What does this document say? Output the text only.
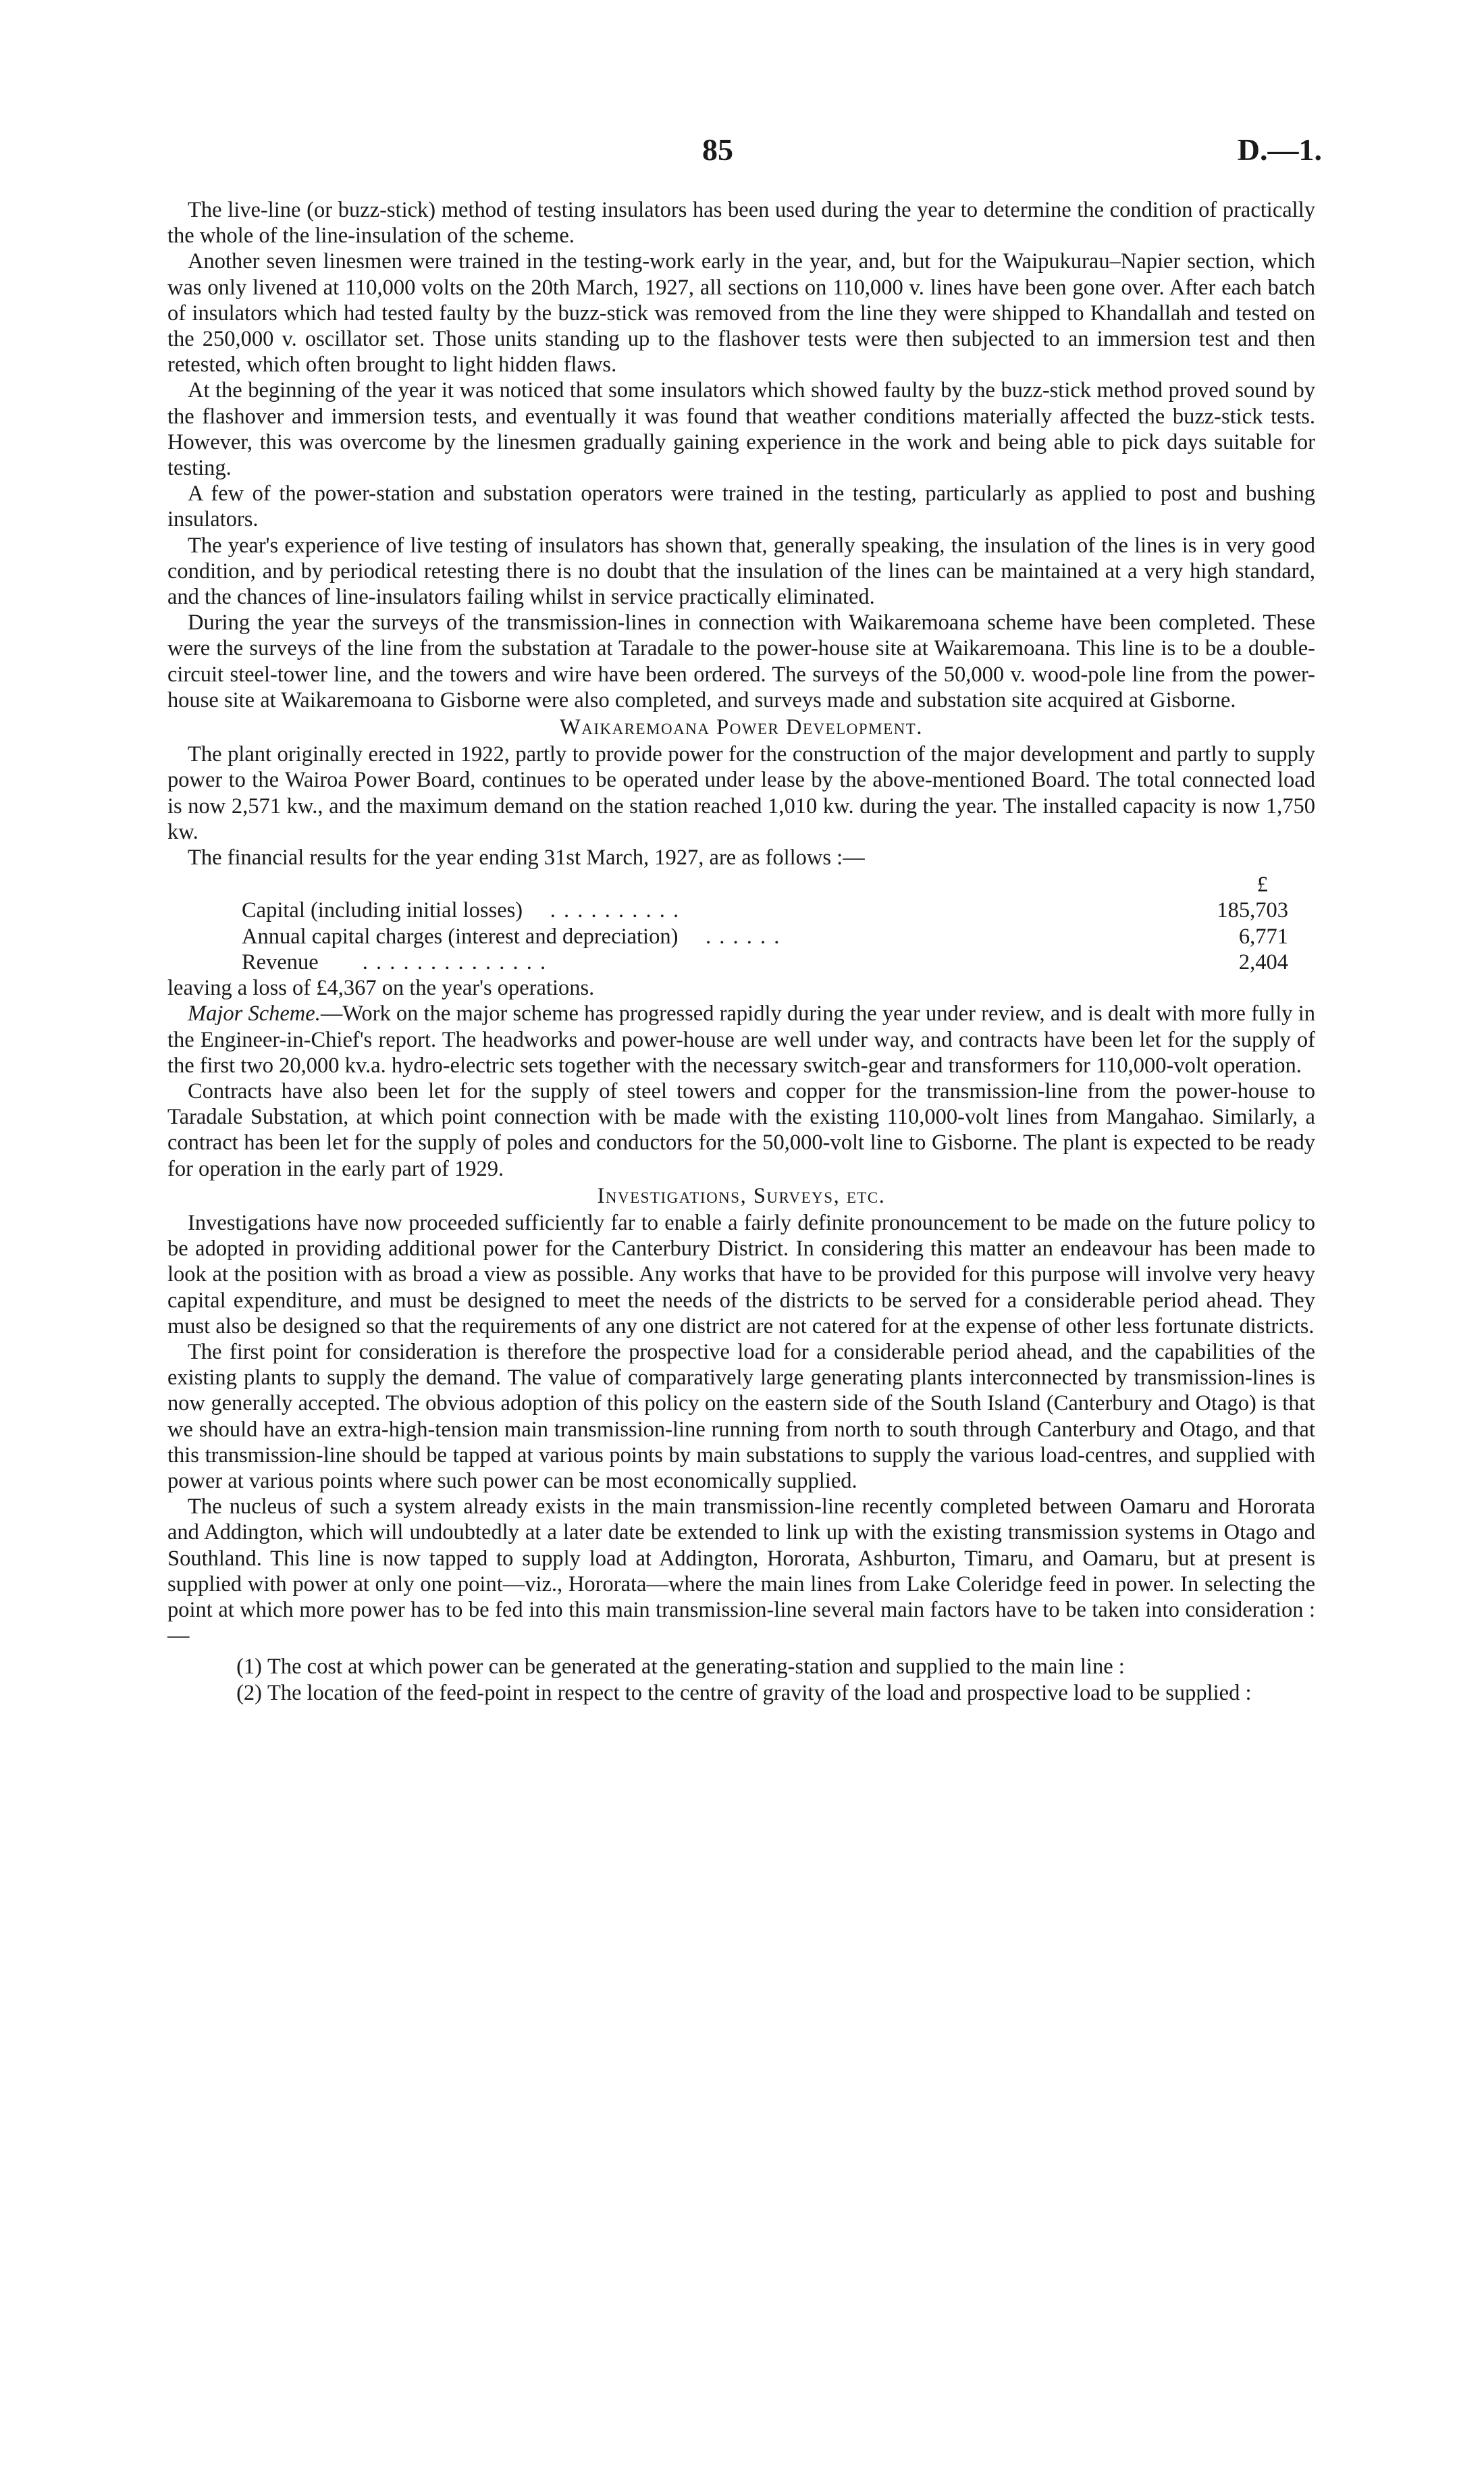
85	D.—1.

The live-line (or buzz-stick) method of testing insulators has been used during the year to determine the condition of practically the whole of the line-insulation of the scheme.

Another seven linesmen were trained in the testing-work early in the year, and, but for the Waipukurau–Napier section, which was only livened at 110,000 volts on the 20th March, 1927, all sections on 110,000 v. lines have been gone over. After each batch of insulators which had tested faulty by the buzz-stick was removed from the line they were shipped to Khandallah and tested on the 250,000 v. oscillator set. Those units standing up to the flashover tests were then subjected to an immersion test and then retested, which often brought to light hidden flaws.

At the beginning of the year it was noticed that some insulators which showed faulty by the buzz-stick method proved sound by the flashover and immersion tests, and eventually it was found that weather conditions materially affected the buzz-stick tests. However, this was overcome by the linesmen gradually gaining experience in the work and being able to pick days suitable for testing.

A few of the power-station and substation operators were trained in the testing, particularly as applied to post and bushing insulators.

The year's experience of live testing of insulators has shown that, generally speaking, the insulation of the lines is in very good condition, and by periodical retesting there is no doubt that the insulation of the lines can be maintained at a very high standard, and the chances of line-insulators failing whilst in service practically eliminated.

During the year the surveys of the transmission-lines in connection with Waikaremoana scheme have been completed. These were the surveys of the line from the substation at Taradale to the power-house site at Waikaremoana. This line is to be a double-circuit steel-tower line, and the towers and wire have been ordered. The surveys of the 50,000 v. wood-pole line from the power-house site at Waikaremoana to Gisborne were also completed, and surveys made and substation site acquired at Gisborne.

Waikaremoana Power Development.

The plant originally erected in 1922, partly to provide power for the construction of the major development and partly to supply power to the Wairoa Power Board, continues to be operated under lease by the above-mentioned Board. The total connected load is now 2,571 kw., and the maximum demand on the station reached 1,010 kw. during the year. The installed capacity is now 1,750 kw.

The financial results for the year ending 31st March, 1927, are as follows :—

	£
Capital (including initial losses) . . . . . . . . . .	185,703
Annual capital charges (interest and depreciation) . . . . . .	6,771
Revenue . . . . . . . . . . . . . .	2,404

leaving a loss of £4,367 on the year's operations.

Major Scheme.—Work on the major scheme has progressed rapidly during the year under review, and is dealt with more fully in the Engineer-in-Chief's report. The headworks and power-house are well under way, and contracts have been let for the supply of the first two 20,000 kv.a. hydro-electric sets together with the necessary switch-gear and transformers for 110,000-volt operation.

Contracts have also been let for the supply of steel towers and copper for the transmission-line from the power-house to Taradale Substation, at which point connection with be made with the existing 110,000-volt lines from Mangahao. Similarly, a contract has been let for the supply of poles and conductors for the 50,000-volt line to Gisborne. The plant is expected to be ready for operation in the early part of 1929.

Investigations, Surveys, etc.

Investigations have now proceeded sufficiently far to enable a fairly definite pronouncement to be made on the future policy to be adopted in providing additional power for the Canterbury District. In considering this matter an endeavour has been made to look at the position with as broad a view as possible. Any works that have to be provided for this purpose will involve very heavy capital expenditure, and must be designed to meet the needs of the districts to be served for a considerable period ahead. They must also be designed so that the requirements of any one district are not catered for at the expense of other less fortunate districts.

The first point for consideration is therefore the prospective load for a considerable period ahead, and the capabilities of the existing plants to supply the demand. The value of comparatively large generating plants interconnected by transmission-lines is now generally accepted. The obvious adoption of this policy on the eastern side of the South Island (Canterbury and Otago) is that we should have an extra-high-tension main transmission-line running from north to south through Canterbury and Otago, and that this transmission-line should be tapped at various points by main substations to supply the various load-centres, and supplied with power at various points where such power can be most economically supplied.

The nucleus of such a system already exists in the main transmission-line recently completed between Oamaru and Hororata and Addington, which will undoubtedly at a later date be extended to link up with the existing transmission systems in Otago and Southland. This line is now tapped to supply load at Addington, Hororata, Ashburton, Timaru, and Oamaru, but at present is supplied with power at only one point—viz., Hororata—where the main lines from Lake Coleridge feed in power. In selecting the point at which more power has to be fed into this main transmission-line several main factors have to be taken into consideration :—

(1) The cost at which power can be generated at the generating-station and supplied to the main line :
(2) The location of the feed-point in respect to the centre of gravity of the load and prospective load to be supplied :
